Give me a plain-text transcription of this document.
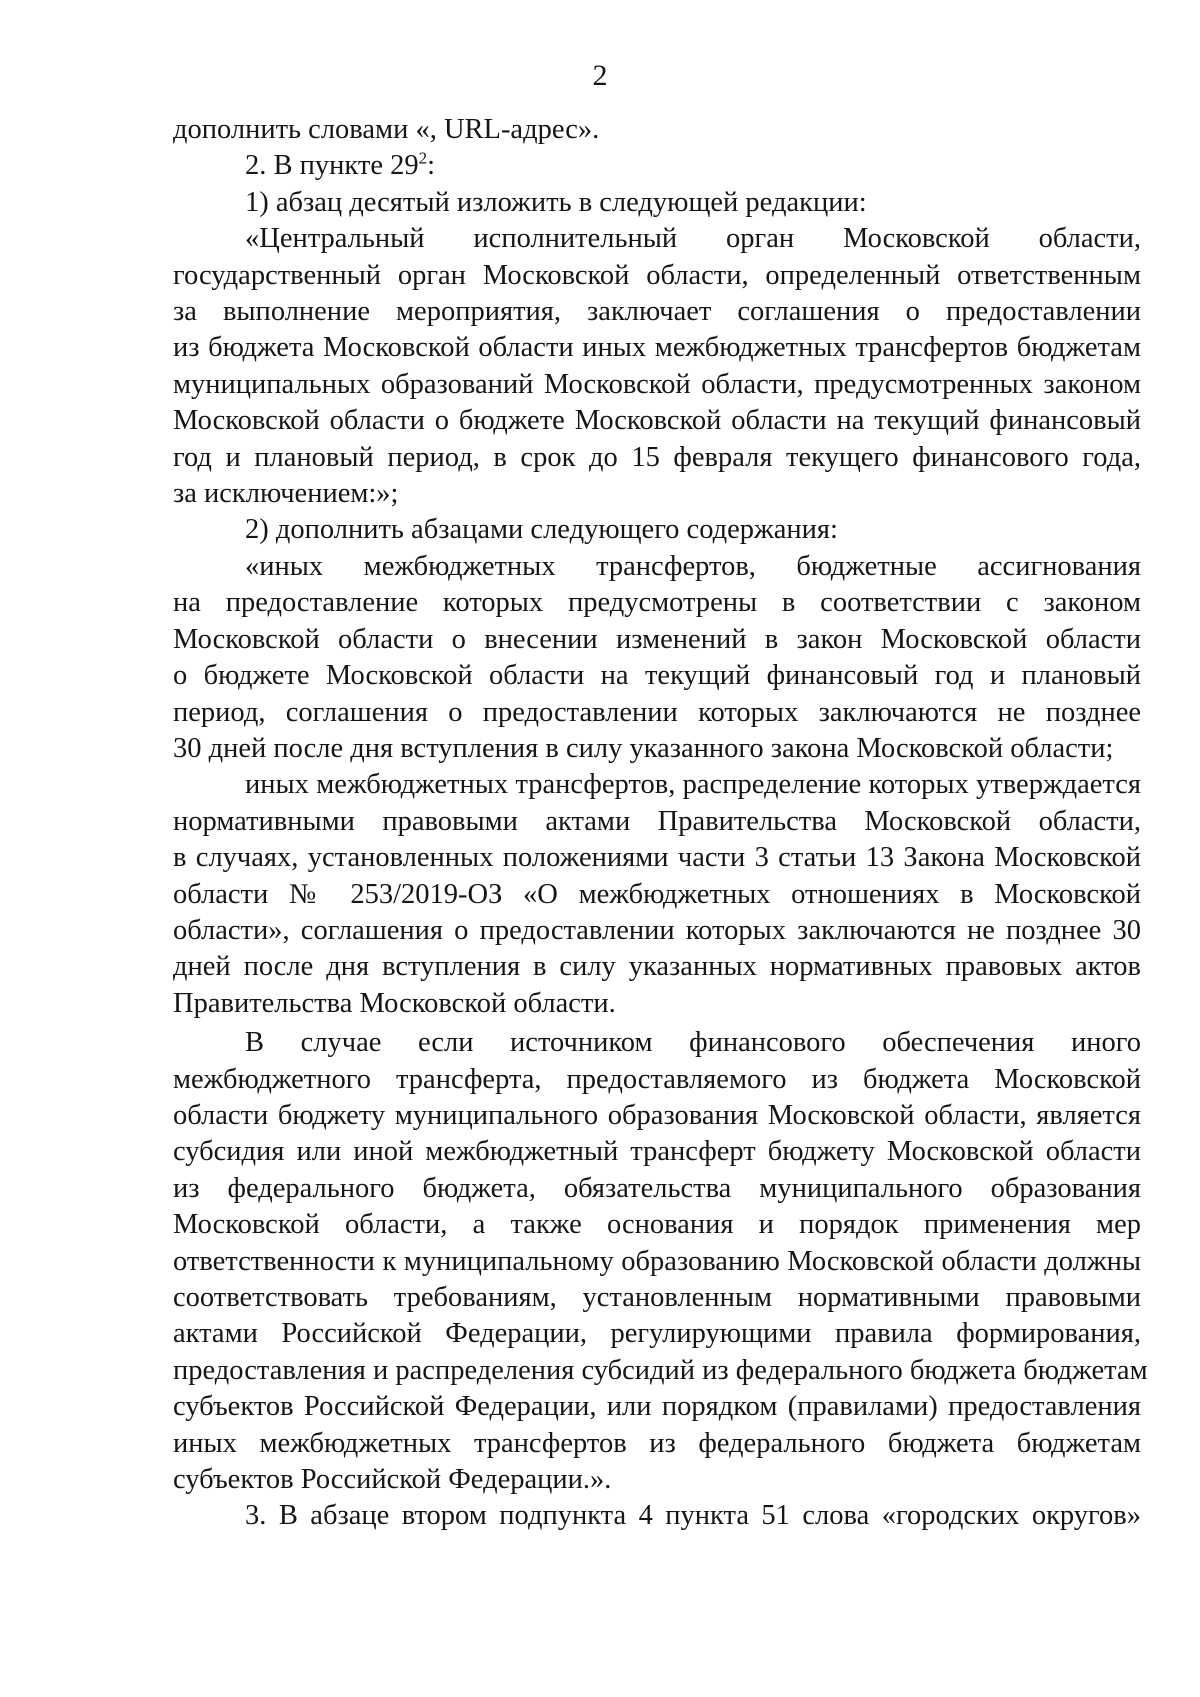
2

дополнить словами «, URL-адрес».

2. В пункте $29^2$:

1) абзац десятый изложить в следующей редакции:

«Центральный исполнительный орган Московской области,
государственный орган Московской области, определенный ответственным
за выполнение мероприятия, заключает соглашения о предоставлении
из бюджета Московской области иных межбюджетных трансфертов бюджетам
муниципальных образований Московской области, предусмотренных законом
Московской области о бюджете Московской области на текущий финансовый
год и плановый период, в срок до 15 февраля текущего финансового года,
за исключением:»;

2) дополнить абзацами следующего содержания:

«иных межбюджетных трансфертов, бюджетные ассигнования
на предоставление которых предусмотрены в соответствии с законом
Московской области о внесении изменений в закон Московской области
о бюджете Московской области на текущий финансовый год и плановый
период, соглашения о предоставлении которых заключаются не позднее
30 дней после дня вступления в силу указанного закона Московской области;

иных межбюджетных трансфертов, распределение которых утверждается
нормативными правовыми актами Правительства Московской области,
в случаях, установленных положениями части 3 статьи 13 Закона Московской
области № 253/2019-ОЗ «О межбюджетных отношениях в Московской
области», соглашения о предоставлении которых заключаются не позднее 30
дней после дня вступления в силу указанных нормативных правовых актов
Правительства Московской области.

В случае если источником финансового обеспечения иного
межбюджетного трансферта, предоставляемого из бюджета Московской
области бюджету муниципального образования Московской области, является
субсидия или иной межбюджетный трансферт бюджету Московской области
из федерального бюджета, обязательства муниципального образования
Московской области, а также основания и порядок применения мер
ответственности к муниципальному образованию Московской области должны
соответствовать требованиям, установленным нормативными правовыми
актами Российской Федерации, регулирующими правила формирования,
предоставления и распределения субсидий из федерального бюджета бюджетам
субъектов Российской Федерации, или порядком (правилами) предоставления
иных межбюджетных трансфертов из федерального бюджета бюджетам
субъектов Российской Федерации.».

3. В абзаце втором подпункта 4 пункта 51 слова «городских округов»
